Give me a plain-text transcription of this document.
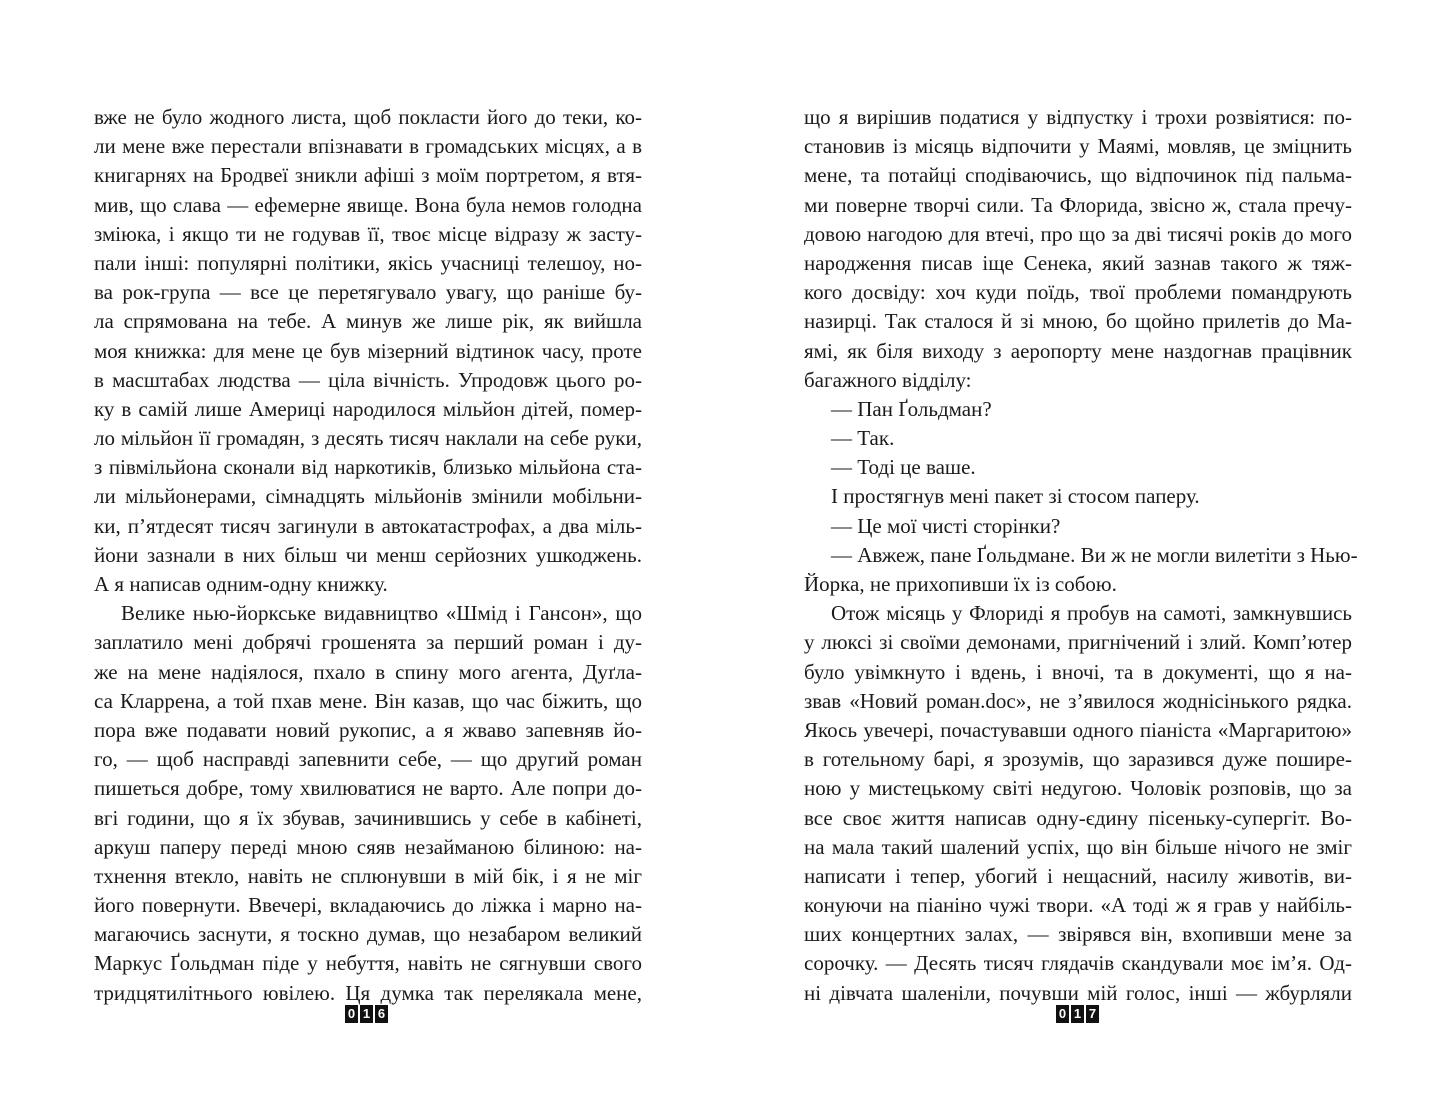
вже не було жодного листа, щоб покласти його до теки, ко-
ли мене вже перестали впізнавати в громадських місцях, а в
книгарнях на Бродвеї зникли афіші з моїм портретом, я втя-
мив, що слава — ефемерне явище. Вона була немов голодна
змiюка, і якщо ти не годував її, твоє місце відразу ж засту-
пали інші: популярні політики, якісь учасниці телешоу, но-
ва рок-група — все це перетягувало увагу, що раніше бу-
ла спрямована на тебе. А минув же лише рік, як вийшла
моя книжка: для мене це був мізерний відтинок часу, проте
в масштабах людства — ціла вічність. Упродовж цього ро-
ку в самій лише Америці народилося мільйон дітей, помер-
ло мільйон її громадян, з десять тисяч наклали на себе руки,
з півмільйона сконали від наркотиків, близько мільйона ста-
ли мільйонерами, сімнадцять мільйонів змінили мобільни-
ки, п’ятдесят тисяч загинули в автокатастрофах, а два міль-
йони зазнали в них більш чи менш серйозних ушкоджень.
А я написав одним-одну книжку.
Велике нью-йоркське видавництво «Шмід і Гансон», що
заплатило мені добрячі грошенята за перший роман і ду-
же на мене надіялося, пхало в спину мого агента, Дуґла-
са Кларрена, а той пхав мене. Він казав, що час біжить, що
пора вже подавати новий рукопис, а я жваво запевняв йо-
го, — щоб насправді запевнити себе, — що другий роман
пишеться добре, тому хвилюватися не варто. Але попри до-
вгі години, що я їх збував, зачинившись у себе в кабінеті,
аркуш паперу переді мною сяяв незайманою білиною: на-
тхнення втекло, навіть не сплюнувши в мій бік, і я не міг
його повернути. Ввечері, вкладаючись до ліжка і марно на-
магаючись заснути, я тоскно думав, що незабаром великий
Маркус Ґольдман піде у небуття, навіть не сягнувши свого
тридцятилітнього ювілею. Ця думка так перелякала мене,
0 1 6
що я вирішив податися у відпустку і трохи розвіятися: по-
становив із місяць відпочити у Маямі, мовляв, це зміцнить
мене, та потайці сподіваючись, що відпочинок під пальма-
ми поверне творчі сили. Та Флорида, звісно ж, стала пречу-
довою нагодою для втечі, про що за дві тисячі років до мого
народження писав іще Сенека, який зазнав такого ж тяж-
кого досвіду: хоч куди поїдь, твої проблеми помандрують
назирці. Так сталося й зі мною, бо щойно прилетів до Ма-
ямі, як біля виходу з аеропорту мене наздогнав працівник
багажного відділу:
— Пан Ґольдман?
— Так.
— Тоді це ваше.
І простягнув мені пакет зі стосом паперу.
— Це мої чисті сторінки?
— Авжеж, пане Ґольдмане. Ви ж не могли вилетіти з Нью-
Йорка, не прихопивши їх із собою.
Отож місяць у Флориді я пробув на самоті, замкнувшись
у люксі зі своїми демонами, пригнічений і злий. Комп’ютер
було увімкнуто і вдень, і вночі, та в документі, що я на-
звав «Новий роман.doc», не з’явилося жоднісінького рядка.
Якось увечері, почастувавши одного піаніста «Маргаритою»
в готельному барі, я зрозумів, що заразився дуже поширe-
ною у мистецькому світі недугою. Чоловік розповів, що за
все своє життя написав одну-єдину пісеньку-супергіт. Во-
на мала такий шалений успіх, що він більше нічого не зміг
написати і тепер, убогий і нещасний, насилу животів, ви-
конуючи на піаніно чужі твори. «А тоді ж я грав у найбіль-
ших концертних залах, — звірявся він, вхопивши мене за
сорочку. — Десять тисяч глядачів скандували моє ім’я. Од-
ні дівчата шаленіли, почувши мій голос, інші — жбурляли
0 1 7
